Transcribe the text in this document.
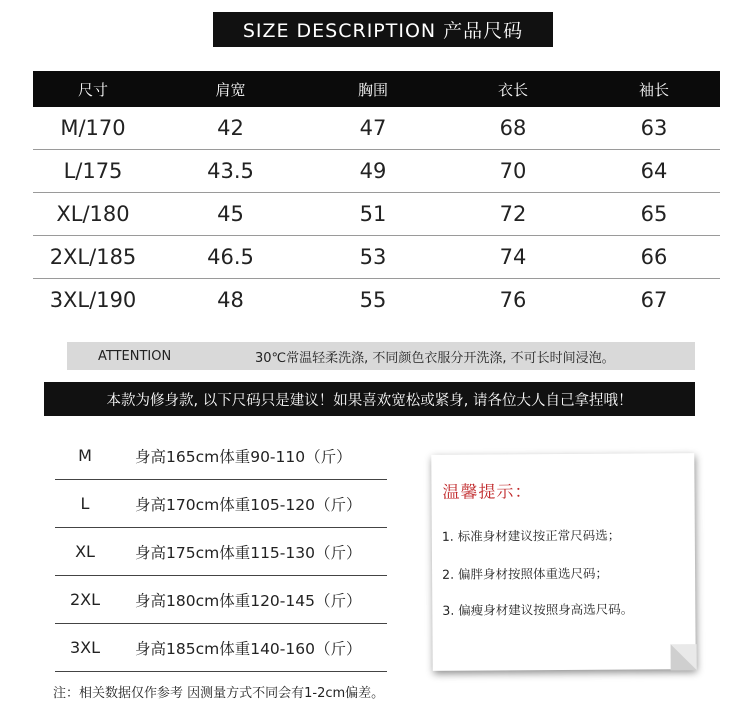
SIZE DESCRIPTION 产品尺码
尺寸	肩宽	胸围	衣长	袖长
M/170	42	47	68	63
L/175	43.5	49	70	64
XL/180	45	51	72	65
2XL/185	46.5	53	74	66
3XL/190	48	55	76	67
ATTENTION	30℃常温轻柔洗涤, 不同颜色衣服分开洗涤, 不可长时间浸泡。
本款为修身款, 以下尺码只是建议！如果喜欢宽松或紧身, 请各位大人自己拿捏哦！
M	身高165cm体重90-110（斤）
L	身高170cm体重105-120（斤）
XL	身高175cm体重115-130（斤）
2XL	身高180cm体重120-145（斤）
3XL	身高185cm体重140-160（斤）
温馨提示：
1. 标准身材建议按正常尺码选；
2. 偏胖身材按照体重选尺码；
3. 偏瘦身材建议按照身高选尺码。
注：相关数据仅作参考 因测量方式不同会有1-2cm偏差。
